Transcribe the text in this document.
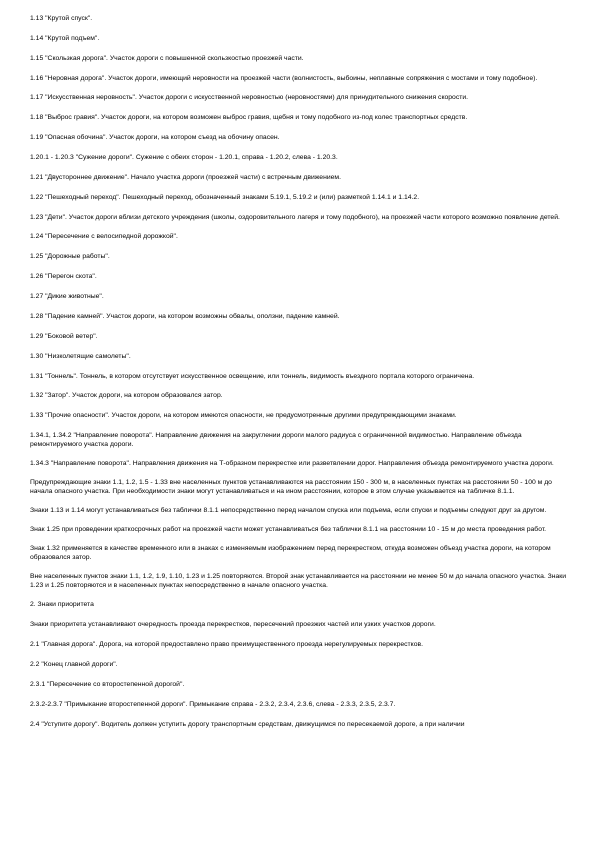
1.13 "Крутой спуск".

1.14 "Крутой подъем".

1.15 "Скользкая дорога". Участок дороги с повышенной скользкостью проезжей части.

1.16 "Неровная дорога". Участок дороги, имеющий неровности на проезжей части (волнистость, выбоины, неплавные сопряжения с мостами и тому подобное).

1.17 "Искусственная неровность". Участок дороги с искусственной неровностью (неровностями) для принудительного снижения скорости.

1.18 "Выброс гравия". Участок дороги, на котором возможен выброс гравия, щебня и тому подобного из-под колес транспортных средств.

1.19 "Опасная обочина". Участок дороги, на котором съезд на обочину опасен.

1.20.1 - 1.20.3 "Сужение дороги". Сужение с обеих сторон - 1.20.1, справа - 1.20.2, слева - 1.20.3.

1.21 "Двустороннее движение". Начало участка дороги (проезжей части) с встречным движением.

1.22 "Пешеходный переход". Пешеходный переход, обозначенный знаками 5.19.1, 5.19.2 и (или) разметкой 1.14.1 и 1.14.2.

1.23 "Дети". Участок дороги вблизи детского учреждения (школы, оздоровительного лагеря и тому подобного), на проезжей части которого возможно появление детей.

1.24 "Пересечение с велосипедной дорожкой".

1.25 "Дорожные работы".

1.26 "Перегон скота".

1.27 "Дикие животные".

1.28 "Падение камней". Участок дороги, на котором возможны обвалы, оползни, падение камней.

1.29 "Боковой ветер".

1.30 "Низколетящие самолеты".

1.31 "Тоннель". Тоннель, в котором отсутствует искусственное освещение, или тоннель, видимость въездного портала которого ограничена.

1.32 "Затор". Участок дороги, на котором образовался затор.

1.33 "Прочие опасности". Участок дороги, на котором имеются опасности, не предусмотренные другими предупреждающими знаками.

1.34.1, 1.34.2 "Направление поворота". Направление движения на закруглении дороги малого радиуса с ограниченной видимостью. Направление объезда ремонтируемого участка дороги.

1.34.3 "Направление поворота". Направления движения на Т-образном перекрестке или разветвлении дорог. Направления объезда ремонтируемого участка дороги.

Предупреждающие знаки 1.1, 1.2, 1.5 - 1.33 вне населенных пунктов устанавливаются на расстоянии 150 - 300 м, в населенных пунктах на расстоянии 50 - 100 м до начала опасного участка. При необходимости знаки могут устанавливаться и на ином расстоянии, которое в этом случае указывается на табличке 8.1.1.

Знаки 1.13 и 1.14 могут устанавливаться без таблички 8.1.1 непосредственно перед началом спуска или подъема, если спуски и подъемы следуют друг за другом.

Знак 1.25 при проведении краткосрочных работ на проезжей части может устанавливаться без таблички 8.1.1 на расстоянии 10 - 15 м до места проведения работ.

Знак 1.32 применяется в качестве временного или в знаках с изменяемым изображением перед перекрестком, откуда возможен объезд участка дороги, на котором образовался затор.

Вне населенных пунктов знаки 1.1, 1.2, 1.9, 1.10, 1.23 и 1.25 повторяются. Второй знак устанавливается на расстоянии не менее 50 м до начала опасного участка. Знаки 1.23 и 1.25 повторяются и в населенных пунктах непосредственно в начале опасного участка.

2. Знаки приоритета

Знаки приоритета устанавливают очередность проезда перекрестков, пересечений проезжих частей или узких участков дороги.

2.1 "Главная дорога". Дорога, на которой предоставлено право преимущественного проезда нерегулируемых перекрестков.

2.2 "Конец главной дороги".

2.3.1 "Пересечение со второстепенной дорогой".

2.3.2-2.3.7 "Примыкание второстепенной дороги". Примыкание справа - 2.3.2, 2.3.4, 2.3.6, слева - 2.3.3, 2.3.5, 2.3.7.

2.4 "Уступите дорогу". Водитель должен уступить дорогу транспортным средствам, движущимся по пересекаемой дороге, а при наличии
